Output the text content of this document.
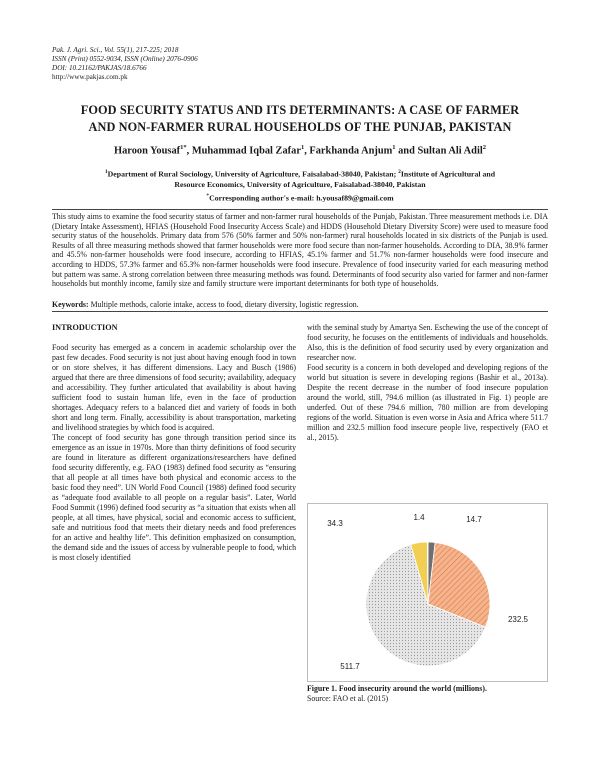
Pak. J. Agri. Sci., Vol. 55(1), 217-225; 2018
ISSN (Print) 0552-9034, ISSN (Online) 2076-0906
DOI: 10.21162/PAKJAS/18.6766
http://www.pakjas.com.pk
FOOD SECURITY STATUS AND ITS DETERMINANTS: A CASE OF FARMER
AND NON-FARMER RURAL HOUSEHOLDS OF THE PUNJAB, PAKISTAN
Haroon Yousaf$^{1*}$, Muhammad Iqbal Zafar$^1$, Farkhanda Anjum$^1$ and Sultan Ali Adil$^2$
$^1$Department of Rural Sociology, University of Agriculture, Faisalabad-38040, Pakistan; $^2$Institute of Agricultural and
Resource Economics, University of Agriculture, Faisalabad-38040, Pakistan
*Corresponding author's e-mail: h.yousaf89@gmail.com
This study aims to examine the food security status of farmer and non-farmer rural households of the Punjab, Pakistan. Three measurement methods i.e. DIA (Dietary Intake Assessment), HFIAS (Household Food Insecurity Access Scale) and HDDS (Household Dietary Diversity Score) were used to measure food security status of the households. Primary data from 576 (50% farmer and 50% non-farmer) rural households located in six districts of the Punjab is used. Results of all three measuring methods showed that farmer households were more food secure than non-farmer households. According to DIA, 38.9% farmer and 45.5% non-farmer households were food insecure, according to HFIAS, 45.1% farmer and 51.7% non-farmer households were food insecure and according to HDDS, 57.3% farmer and 65.3% non-farmer households were food insecure. Prevalence of food insecurity varied for each measuring method but pattern was same. A strong correlation between three measuring methods was found. Determinants of food security also varied for farmer and non-farmer households but monthly income, family size and family structure were important determinants for both type of households.
Keywords: Multiple methods, calorie intake, access to food, dietary diversity, logistic regression.
INTRODUCTION

Food security has emerged as a concern in academic scholarship over the past few decades. Food security is not just about having enough food in town or on store shelves, it has different dimensions. Lacy and Busch (1986) argued that there are three dimensions of food security; availability, adequacy and accessibility. They further articulated that availability is about having sufficient food to sustain human life, even in the face of production shortages. Adequacy refers to a balanced diet and variety of foods in both short and long term. Finally, accessibility is about transportation, marketing and livelihood strategies by which food is acquired.

The concept of food security has gone through transition period since its emergence as an issue in 1970s. More than thirty definitions of food security are found in literature as different organizations/researchers have defined food security differently, e.g. FAO (1983) defined food security as “ensuring that all people at all times have both physical and economic access to the basic food they need”. UN World Food Council (1988) defined food security as “adequate food available to all people on a regular basis”. Later, World Food Summit (1996) defined food security as “a situation that exists when all people, at all times, have physical, social and economic access to sufficient, safe and nutritious food that meets their dietary needs and food preferences for an active and healthy life”. This definition emphasized on consumption, the demand side and the issues of access by vulnerable people to food, which is most closely identified

with the seminal study by Amartya Sen. Eschewing the use of the concept of food security, he focuses on the entitlements of individuals and households. Also, this is the definition of food security used by every organization and researcher now.

Food security is a concern in both developed and developing regions of the world but situation is severe in developing regions (Bashir et al., 2013a). Despite the recent decrease in the number of food insecure population around the world, still, 794.6 million (as illustrated in Fig. 1) people are underfed. Out of these 794.6 million, 780 million are from developing regions of the world. Situation is even worse in Asia and Africa where 511.7 million and 232.5 million food insecure people live, respectively (FAO et al., 2015).

511.7
232.5
34.3
1.4	14.7
Figure 1. Food insecurity around the world (millions).
Source: FAO et al. (2015)
